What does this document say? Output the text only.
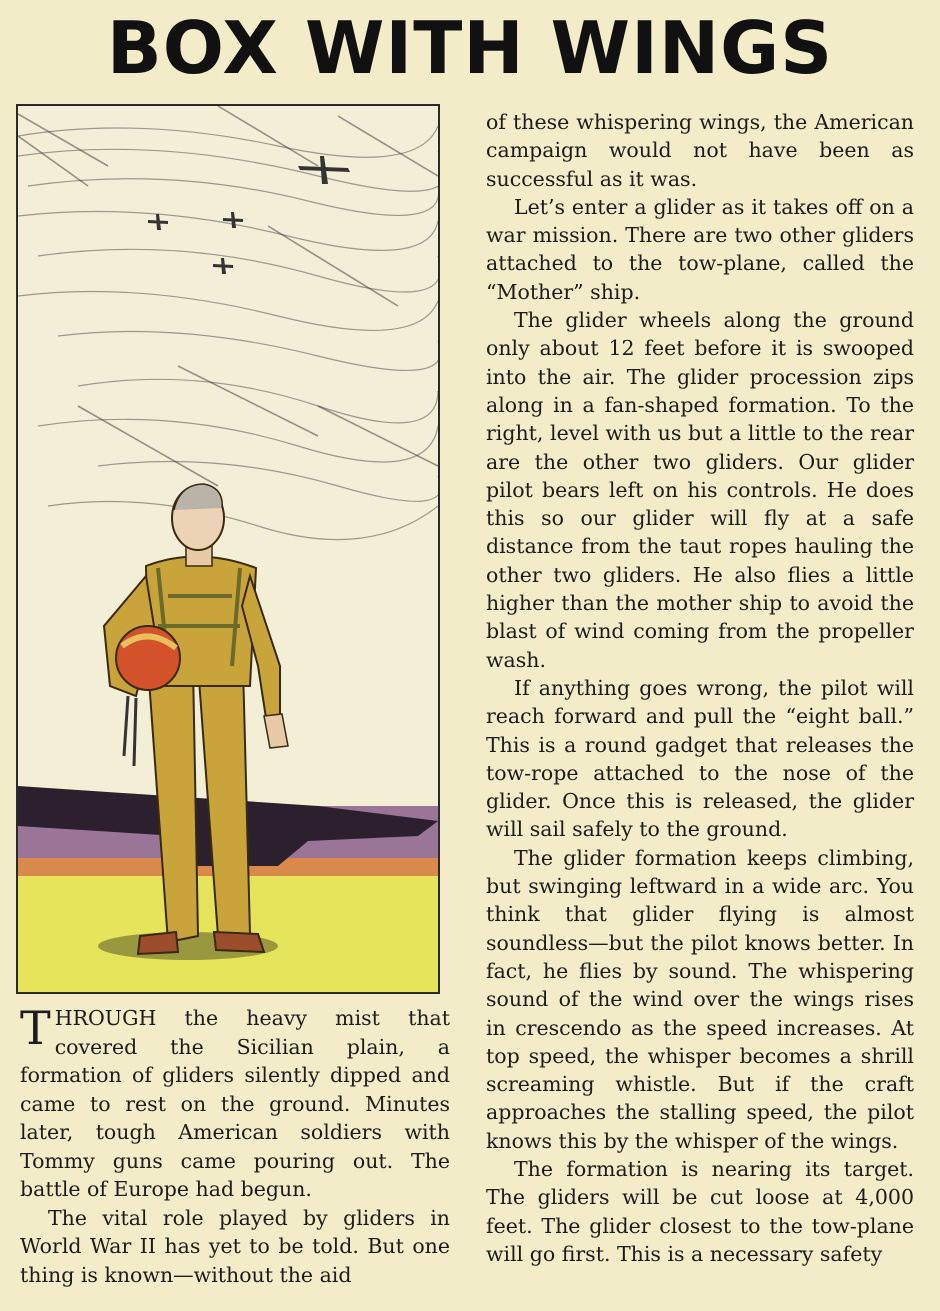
BOX WITH WINGS

THROUGH the heavy mist that covered the Sicilian plain, a formation of gliders silently dipped and came to rest on the ground. Minutes later, tough American soldiers with Tommy guns came pouring out. The battle of Europe had begun.

The vital role played by gliders in World War II has yet to be told. But one thing is known—without the aid

of these whispering wings, the American campaign would not have been as successful as it was.

Let’s enter a glider as it takes off on a war mission. There are two other gliders attached to the tow-plane, called the “Mother” ship.

The glider wheels along the ground only about 12 feet before it is swooped into the air. The glider procession zips along in a fan-shaped formation. To the right, level with us but a little to the rear are the other two gliders. Our glider pilot bears left on his controls. He does this so our glider will fly at a safe distance from the taut ropes hauling the other two gliders. He also flies a little higher than the mother ship to avoid the blast of wind coming from the propeller wash.

If anything goes wrong, the pilot will reach forward and pull the “eight ball.” This is a round gadget that releases the tow-rope attached to the nose of the glider. Once this is released, the glider will sail safely to the ground.

The glider formation keeps climbing, but swinging leftward in a wide arc. You think that glider flying is almost soundless—but the pilot knows better. In fact, he flies by sound. The whispering sound of the wind over the wings rises in crescendo as the speed increases. At top speed, the whisper becomes a shrill screaming whistle. But if the craft approaches the stalling speed, the pilot knows this by the whisper of the wings.

The formation is nearing its target. The gliders will be cut loose at 4,000 feet. The glider closest to the tow-plane will go first. This is a necessary safety
